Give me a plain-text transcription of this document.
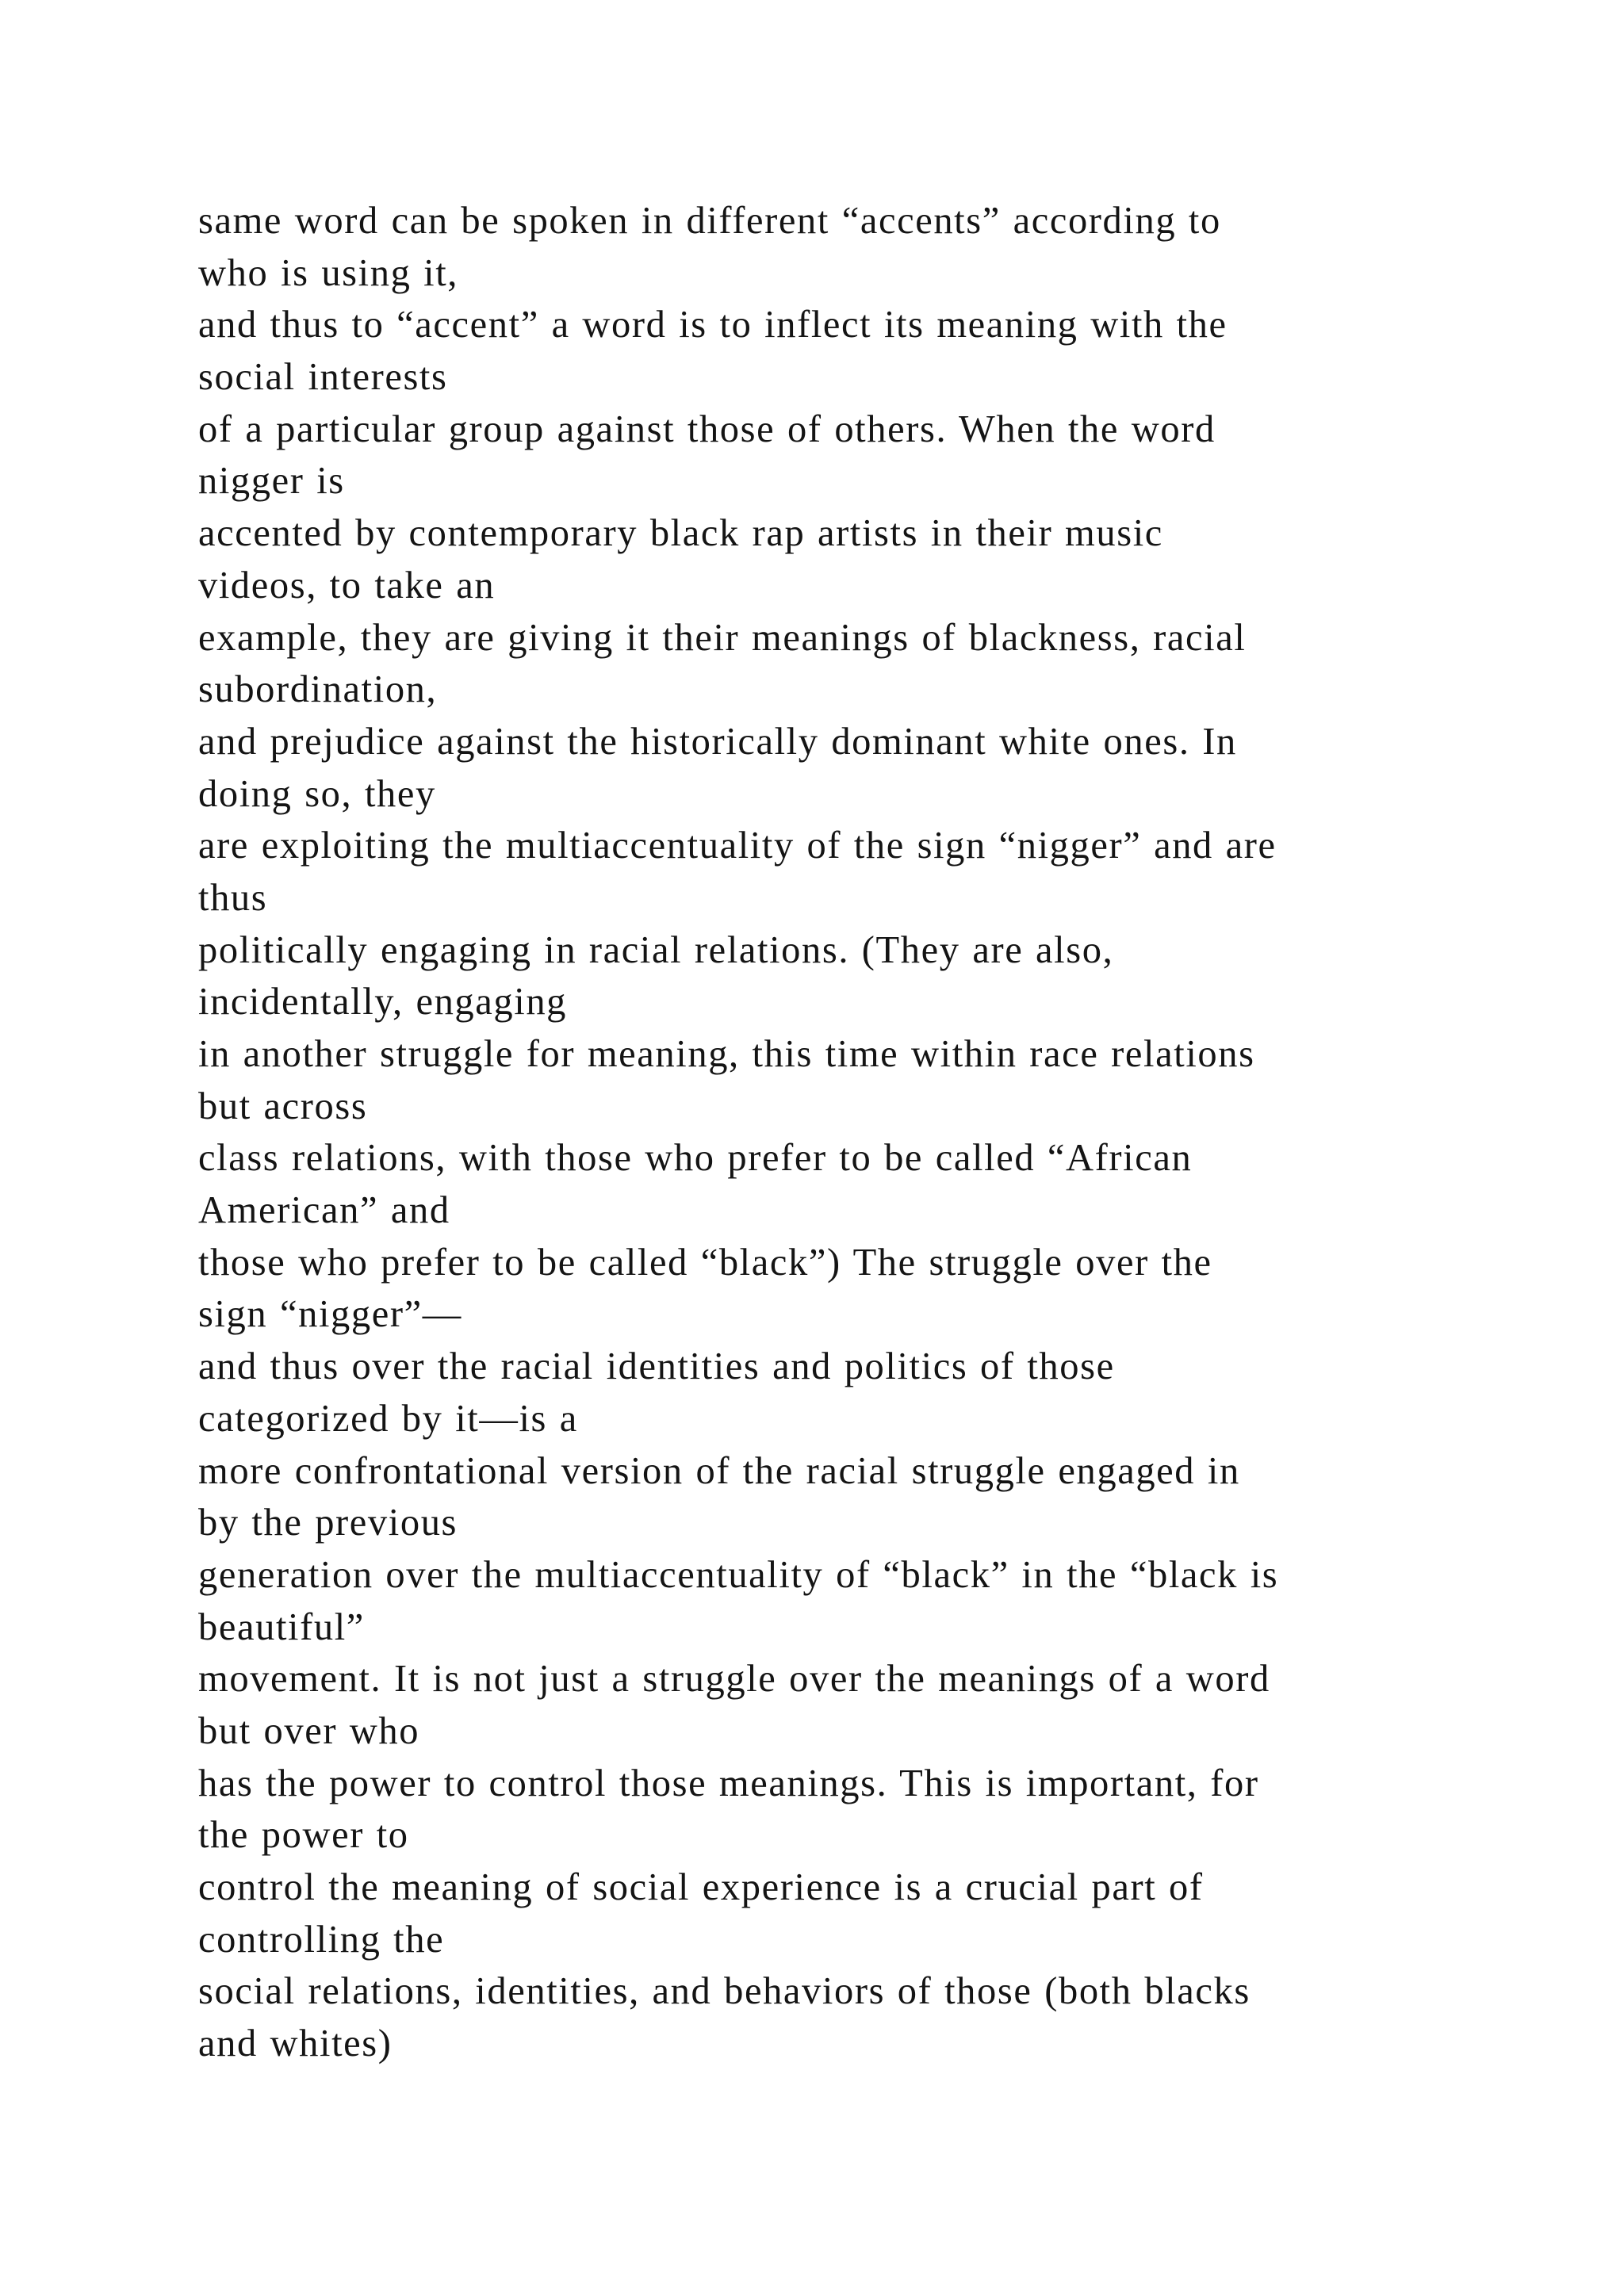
same word can be spoken in different “accents” according to
who is using it,
and thus to “accent” a word is to inflect its meaning with the
social interests
of a particular group against those of others. When the word
nigger is
accented by contemporary black rap artists in their music
videos, to take an
example, they are giving it their meanings of blackness, racial
subordination,
and prejudice against the historically dominant white ones. In
doing so, they
are exploiting the multiaccentuality of the sign “nigger” and are
thus
politically engaging in racial relations. (They are also,
incidentally, engaging
in another struggle for meaning, this time within race relations
but across
class relations, with those who prefer to be called “African
American” and
those who prefer to be called “black”) The struggle over the
sign “nigger”—
and thus over the racial identities and politics of those
categorized by it—is a
more confrontational version of the racial struggle engaged in
by the previous
generation over the multiaccentuality of “black” in the “black is
beautiful”
movement. It is not just a struggle over the meanings of a word
but over who
has the power to control those meanings. This is important, for
the power to
control the meaning of social experience is a crucial part of
controlling the
social relations, identities, and behaviors of those (both blacks
and whites)
